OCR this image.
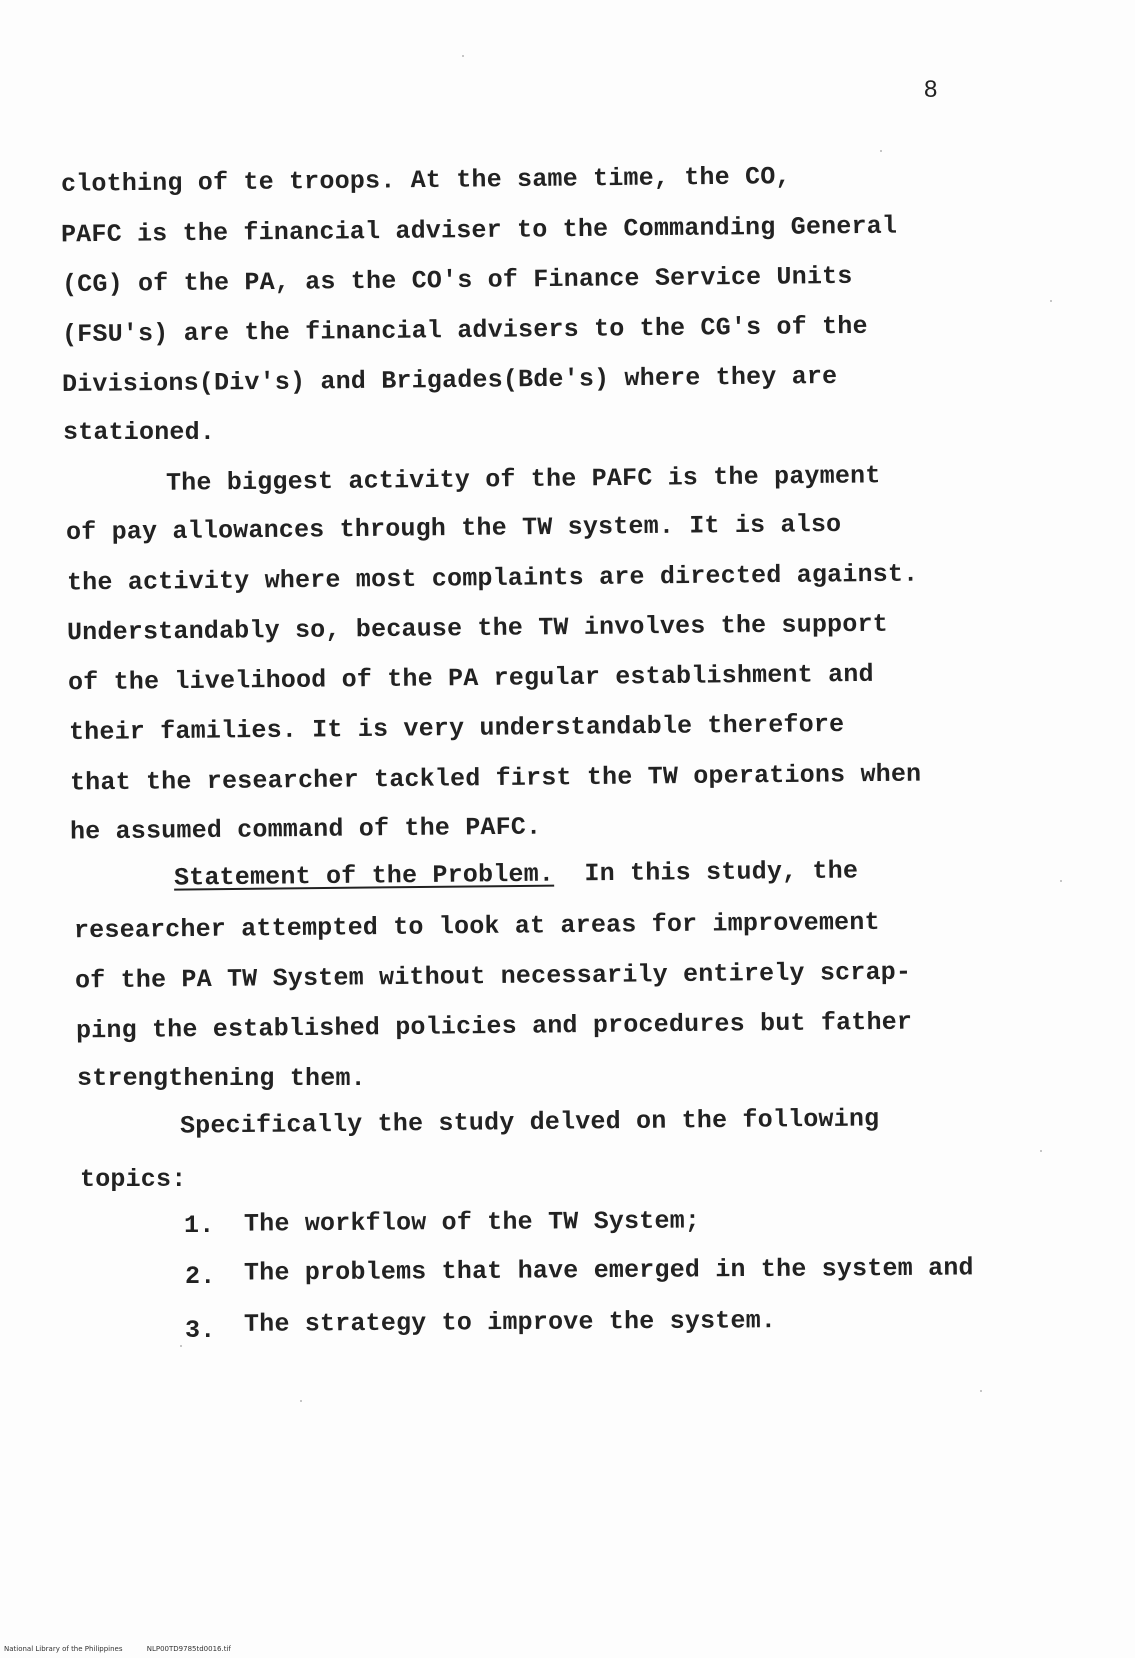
8
clothing of te troops. At the same time, the CO,
PAFC is the financial adviser to the Commanding General
(CG) of the PA, as the CO's of Finance Service Units
(FSU's) are the financial advisers to the CG's of the
Divisions(Div's) and Brigades(Bde's) where they are
stationed.
The biggest activity of the PAFC is the payment
of pay allowances through the TW system. It is also
the activity where most complaints are directed against.
Understandably so, because the TW involves the support
of the livelihood of the PA regular establishment and
their families. It is very understandable therefore
that the researcher tackled first the TW operations when
he assumed command of the PAFC.
Statement of the Problem. In this study, the
researcher attempted to look at areas for improvement
of the PA TW System without necessarily entirely scrap-
ping the established policies and procedures but father
strengthening them.
Specifically the study delved on the following
topics:
1. The workflow of the TW System;
2. The problems that have emerged in the system and
3. The strategy to improve the system.
National Library of the Philippines	NLP00TD9785td0016.tif
